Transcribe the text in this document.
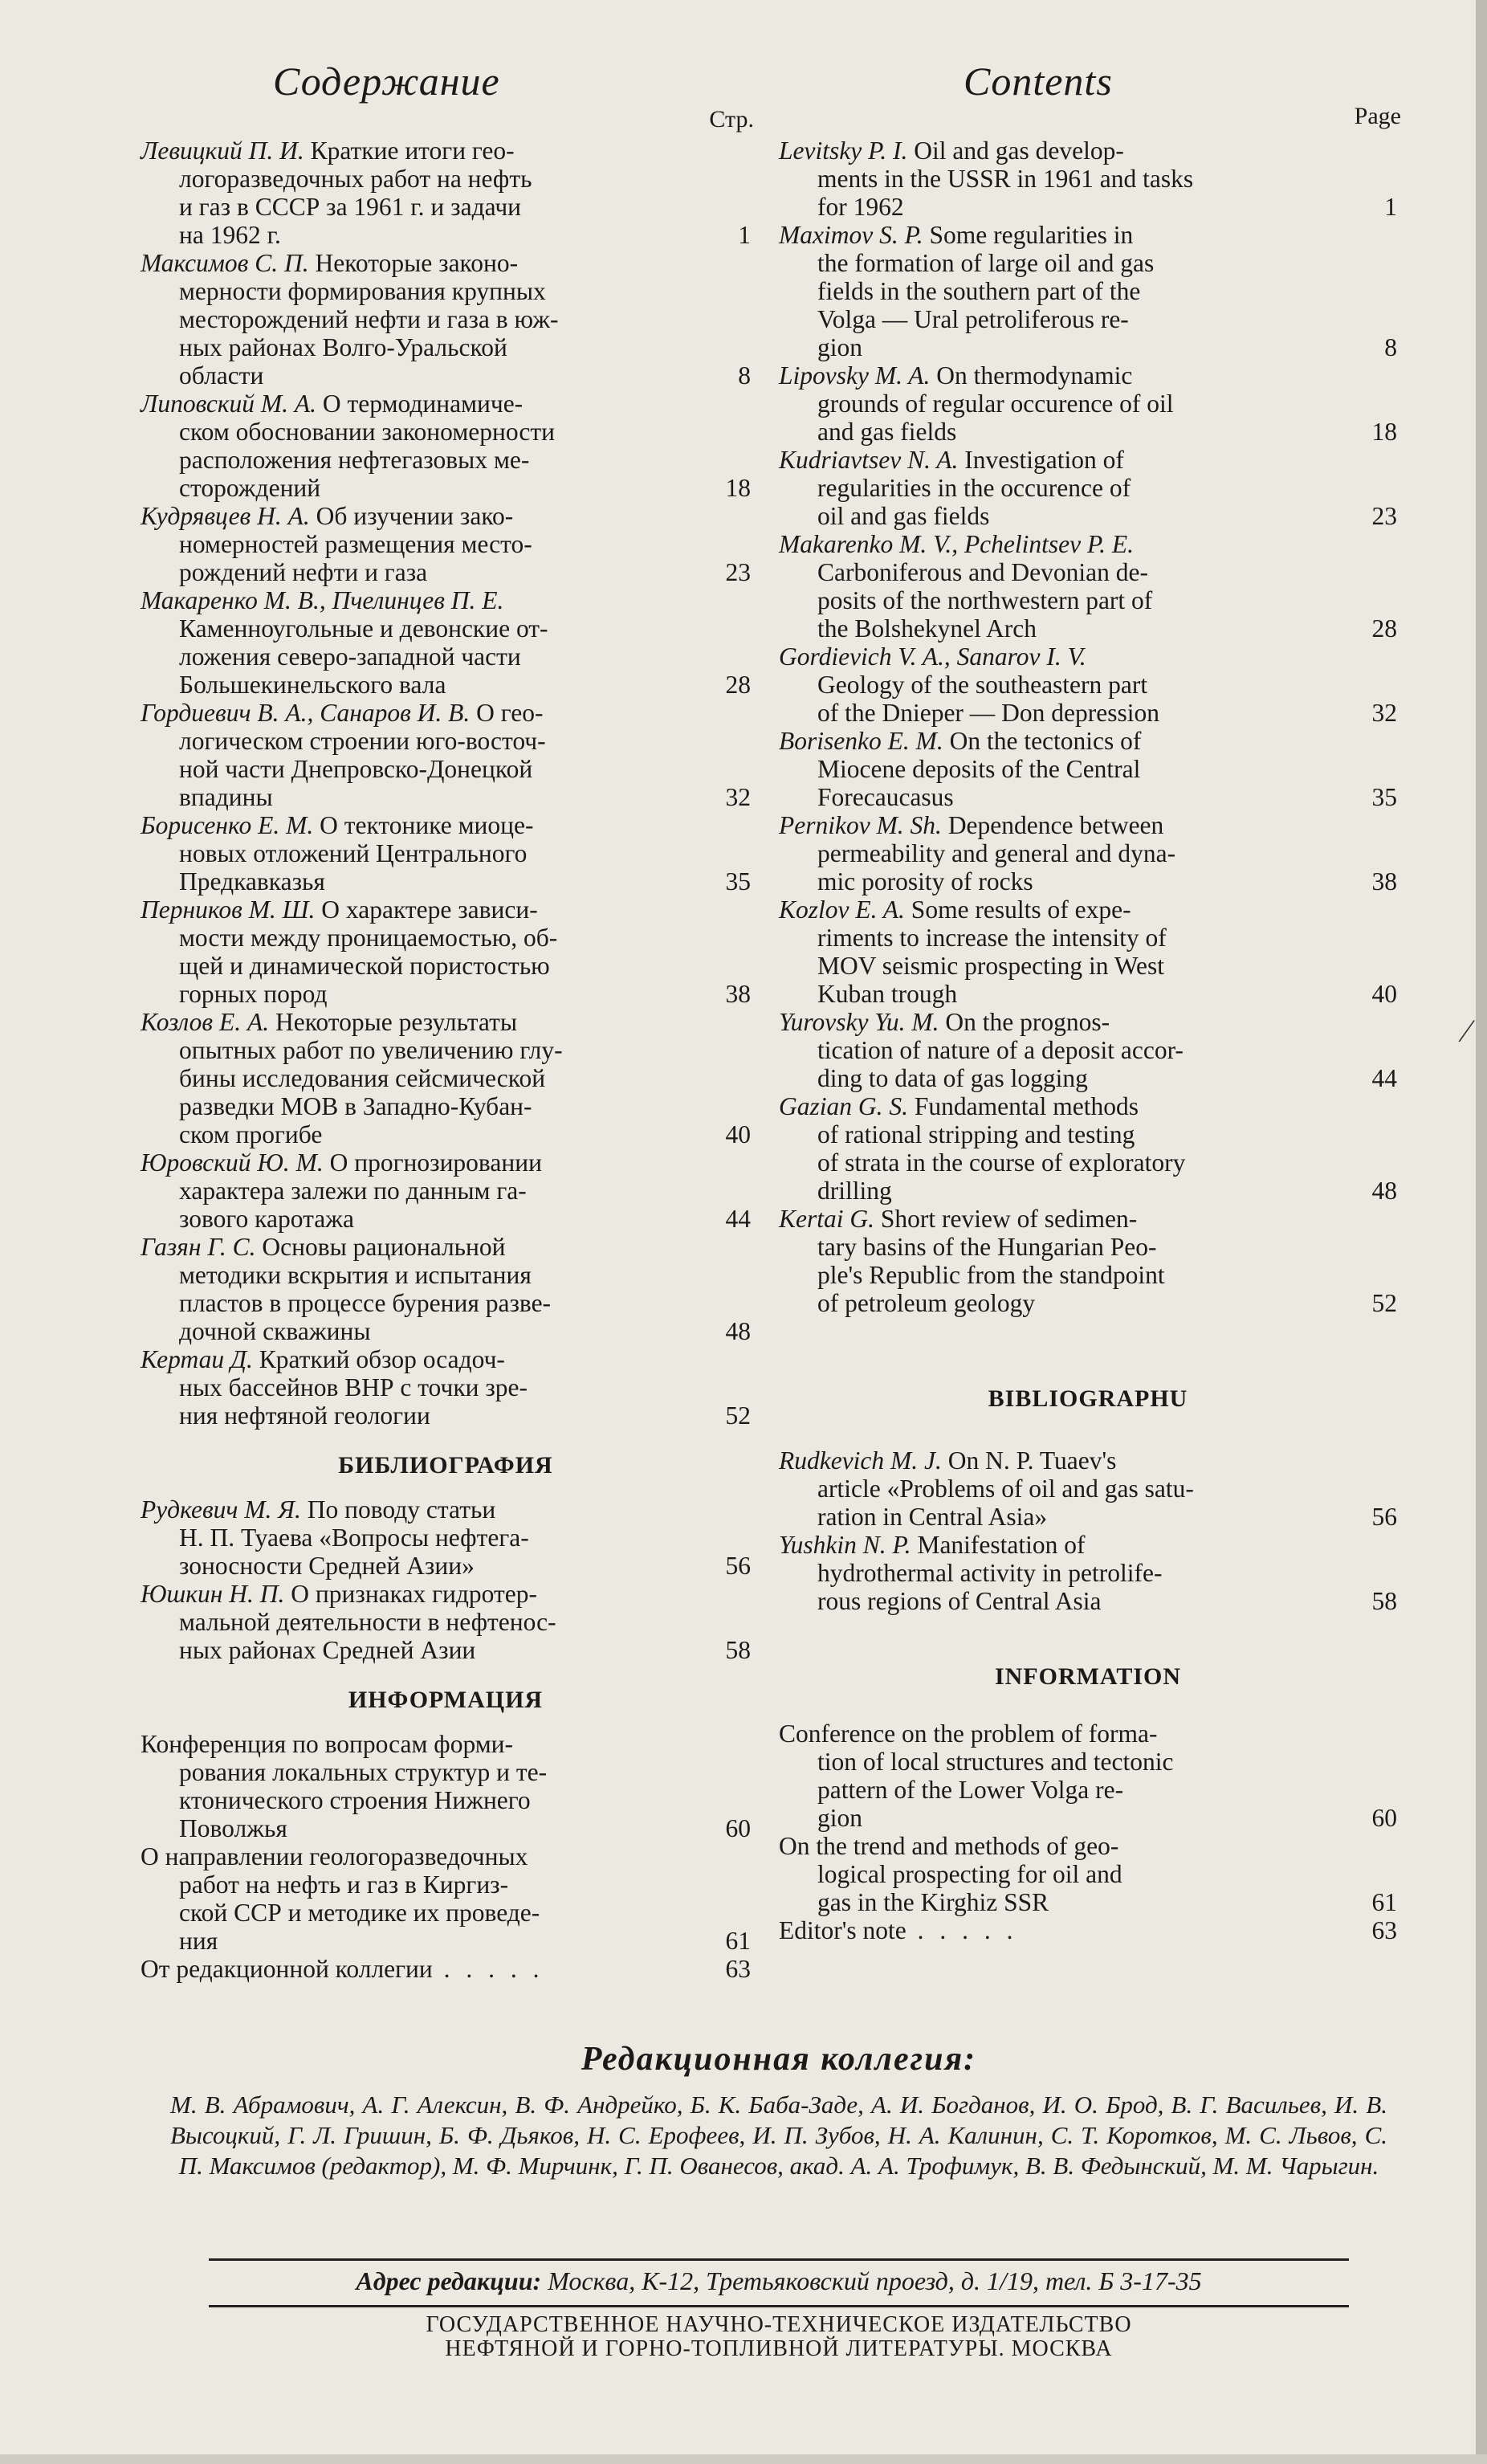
⁄
Содержание
Стр.
Левицкий П. И. Краткие итоги гео-
логоразведочных работ на нефть
и газ в СССР за 1961 г. и задачи
на 1962 г.	1
Максимов С. П. Некоторые законо-
мерности формирования крупных
месторождений нефти и газа в юж-
ных районах Волго-Уральской
области	8
Липовский М. А. О термодинамиче-
ском обосновании закономерности
расположения нефтегазовых ме-
сторождений	18
Кудрявцев Н. А. Об изучении зако-
номерностей размещения место-
рождений нефти и газа	23
Макаренко М. В., Пчелинцев П. Е.
Каменноугольные и девонские от-
ложения северо-западной части
Большекинельского вала	28
Гордиевич В. А., Санаров И. В. О гео-
логическом строении юго-восточ-
ной части Днепровско-Донецкой
впадины	32
Борисенко Е. М. О тектонике миоце-
новых отложений Центрального
Предкавказья	35
Перников М. Ш. О характере зависи-
мости между проницаемостью, об-
щей и динамической пористостью
горных пород	38
Козлов Е. А. Некоторые результаты
опытных работ по увеличению глу-
бины исследования сейсмической
разведки МОВ в Западно-Кубан-
ском прогибе	40
Юровский Ю. М. О прогнозировании
характера залежи по данным га-
зового каротажа	44
Газян Г. С. Основы рациональной
методики вскрытия и испытания
пластов в процессе бурения разве-
дочной скважины	48
Кертаи Д. Краткий обзор осадоч-
ных бассейнов ВНР с точки зре-
ния нефтяной геологии	52
БИБЛИОГРАФИЯ
Рудкевич М. Я. По поводу статьи
Н. П. Туаева «Вопросы нефтега-
зоносности Средней Азии»	56
Юшкин Н. П. О признаках гидротер-
мальной деятельности в нефтенос-
ных районах Средней Азии	58
ИНФОРМАЦИЯ
Конференция по вопросам форми-
рования локальных структур и те-
ктонического строения Нижнего
Поволжья	60
О направлении геологоразведочных
работ на нефть и газ в Киргиз-
ской ССР и методике их проведе-
ния	61
От редакционной коллегии . . . . .	63
Contents
Page
Levitsky P. I. Oil and gas develop-
ments in the USSR in 1961 and tasks
for 1962	1
Maximov S. P. Some regularities in
the formation of large oil and gas
fields in the southern part of the
Volga — Ural petroliferous re-
gion	8
Lipovsky M. A. On thermodynamic
grounds of regular occurence of oil
and gas fields	18
Kudriavtsev N. A. Investigation of
regularities in the occurence of
oil and gas fields	23
Makarenko M. V., Pchelintsev P. E.
Carboniferous and Devonian de-
posits of the northwestern part of
the Bolshekynel Arch	28
Gordievich V. A., Sanarov I. V.
Geology of the southeastern part
of the Dnieper — Don depression	32
Borisenko E. M. On the tectonics of
Miocene deposits of the Central
Forecaucasus	35
Pernikov M. Sh. Dependence between
permeability and general and dyna-
mic porosity of rocks	38
Kozlov E. A. Some results of expe-
riments to increase the intensity of
MOV seismic prospecting in West
Kuban trough	40
Yurovsky Yu. M. On the prognos-
tication of nature of a deposit accor-
ding to data of gas logging	44
Gazian G. S. Fundamental methods
of rational stripping and testing
of strata in the course of exploratory
drilling	48
Kertai G. Short review of sedimen-
tary basins of the Hungarian Peo-
ple's Republic from the standpoint
of petroleum geology	52
BIBLIOGRAPHU
Rudkevich M. J. On N. P. Tuaev's
article «Problems of oil and gas satu-
ration in Central Asia»	56
Yushkin N. P. Manifestation of
hydrothermal activity in petrolife-
rous regions of Central Asia	58
INFORMATION
Conference on the problem of forma-
tion of local structures and tectonic
pattern of the Lower Volga re-
gion	60
On the trend and methods of geo-
logical prospecting for oil and
gas in the Kirghiz SSR	61
Editor's note . . . . .	63
Редакционная коллегия:
М. В. Абрамович, А. Г. Алексин, В. Ф. Андрейко, Б. К. Баба-Заде, А. И. Богданов, И. О. Брод, В. Г. Васильев, И. В. Высоцкий, Г. Л. Гришин, Б. Ф. Дьяков, Н. С. Ерофеев, И. П. Зубов, Н. А. Калинин, С. Т. Коротков, М. С. Львов, С. П. Максимов (редактор), М. Ф. Мирчинк, Г. П. Ованесов, акад. А. А. Трофимук, В. В. Федынский, М. М. Чарыгин.
Адрес редакции: Москва, К-12, Третьяковский проезд, д. 1/19, тел. Б 3-17-35
ГОСУДАРСТВЕННОЕ НАУЧНО-ТЕХНИЧЕСКОЕ ИЗДАТЕЛЬСТВО
НЕФТЯНОЙ И ГОРНО-ТОПЛИВНОЙ ЛИТЕРАТУРЫ. МОСКВА
